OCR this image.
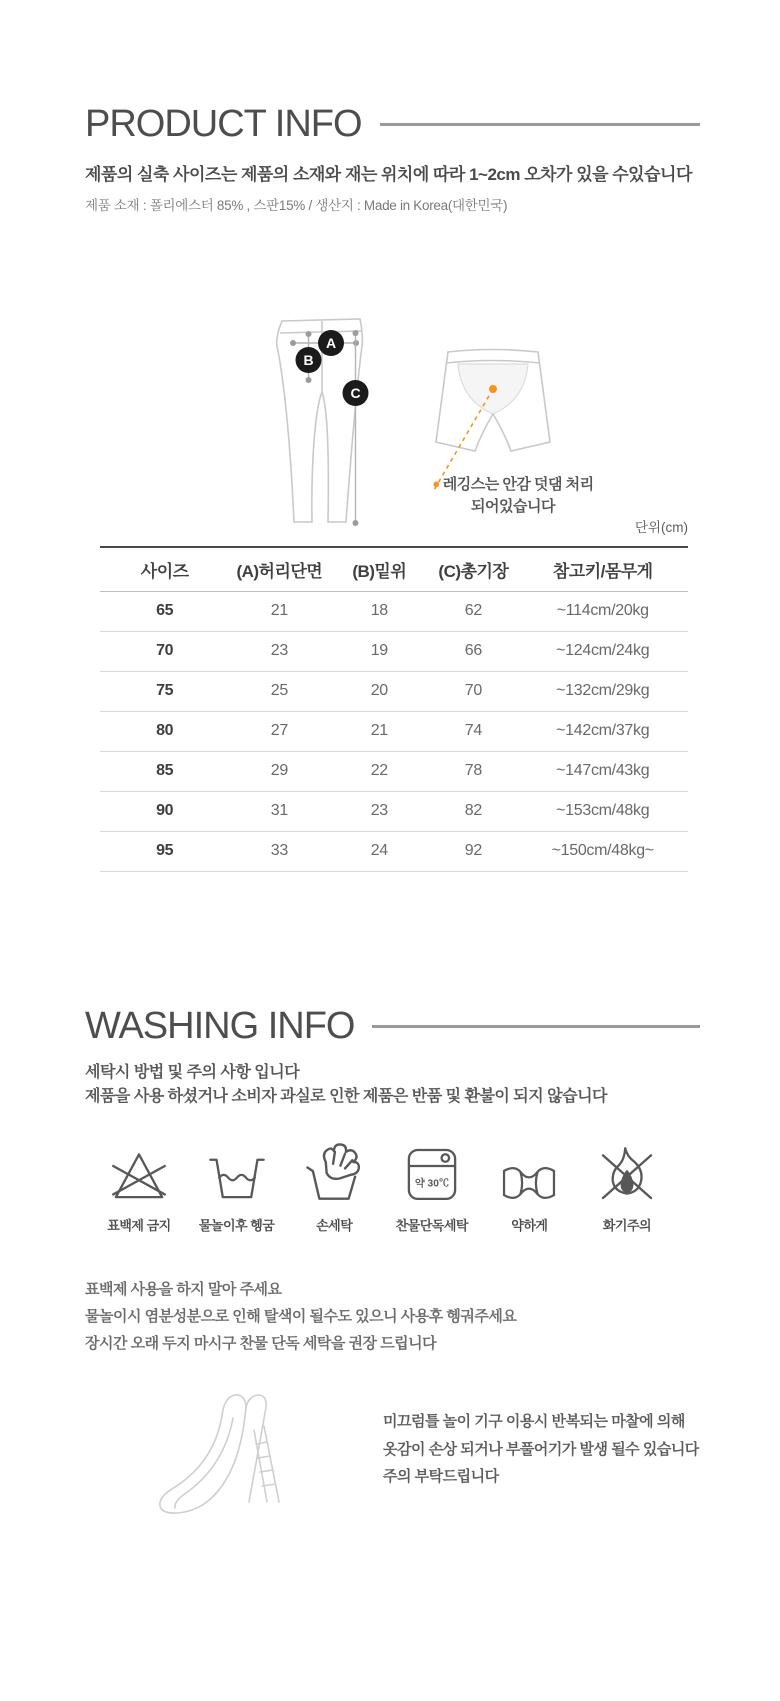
PRODUCT INFO
제품의 실축 사이즈는 제품의 소재와 재는 위치에 따라 1~2cm 오차가 있을 수있습니다
제품 소재 : 폴리에스터 85% , 스판15% / 생산지 : Made in Korea(대한민국)
A
B
C
● 레깅스는 안감 덧댐 처리
되어있습니다
단위(cm)
사이즈	(A)허리단면	(B)밑위	(C)총기장	참고키/몸무게
65	21	18	62	~114cm/20kg
70	23	19	66	~124cm/24kg
75	25	20	70	~132cm/29kg
80	27	21	74	~142cm/37kg
85	29	22	78	~147cm/43kg
90	31	23	82	~153cm/48kg
95	33	24	92	~150cm/48kg~
WASHING INFO
세탁시 방법 및 주의 사항 입니다
제품을 사용 하셨거나 소비자 과실로 인한 제품은 반품 및 환불이 되지 않습니다
표백제 금지 물놀이후 헹굼	손세탁
약 30℃
찬물단독세탁	약하게	화기주의

표백제 사용을 하지 말아 주세요

물놀이시 염분성분으로 인해 탈색이 될수도 있으니 사용후 헹궈주세요

장시간 오래 두지 마시구 찬물 단독 세탁을 권장 드립니다

미끄럼틀 놀이 기구 이용시 반복되는 마찰에 의해
옷감이 손상 되거나 부풀어기가 발생 될수 있습니다
주의 부탁드립니다
